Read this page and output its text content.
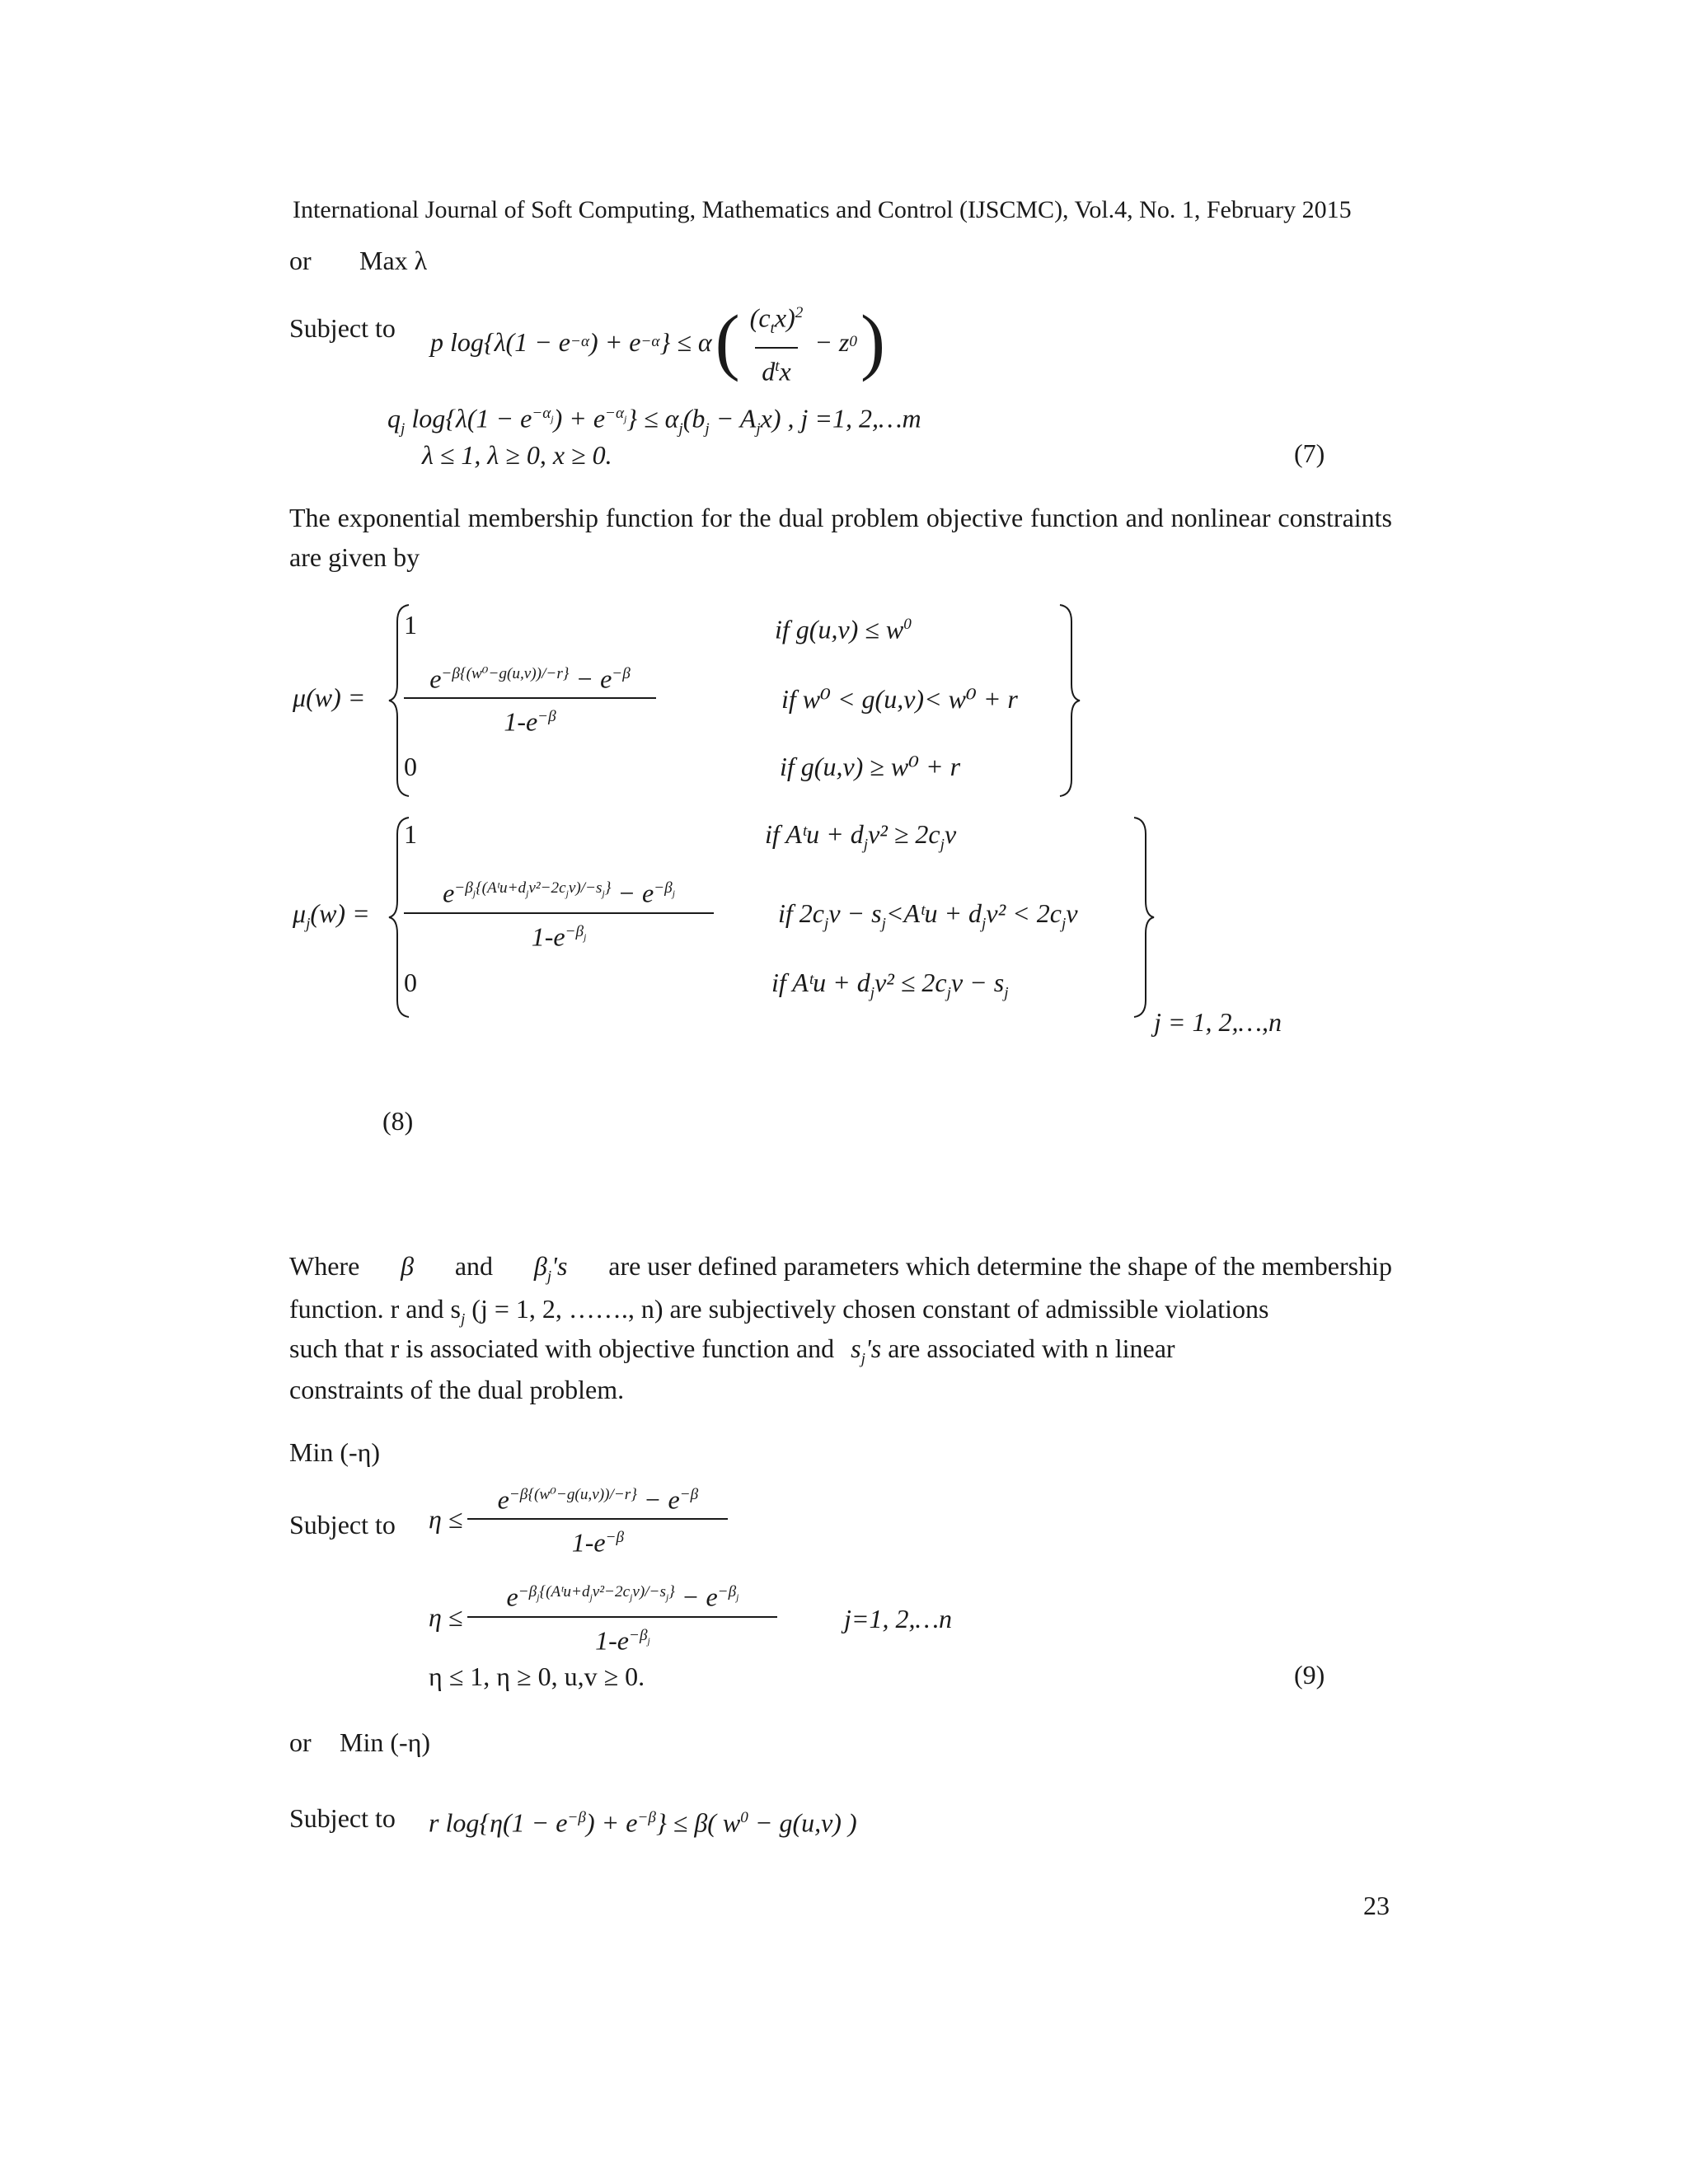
International Journal of Soft Computing, Mathematics and Control (IJSCMC), Vol.4, No. 1, February 2015
or Max λ
Subject to p log{λ(1 − e −α ) + e −α } ≤ α ( $\frac{(c_tx)^2}{d^tx} - z$ 0 )
$q_j$ $\log\{\lambda(1 - e^{-\alpha_j}) + e^{-\alpha_j}\} \le \alpha_j(b_j - A_jx)$ , j =1, 2,…m
λ ≤ 1, λ ≥ 0, x ≥ 0.	(7)
The exponential membership function for the dual problem objective function and nonlinear constraints are given by
μ(w) =
1	if $g(u,v) \le w^0$
$\frac{e^{-\beta\{(w^0-g(u,v))/-r\}} - e^{-\beta}}{1-e^{-\beta}}$	if w⁰ < g(u,v)< w⁰ + r
0	if g(u,v) ≥ w⁰ + r
$\mu_j(w)$ =
1	if Aᵗu + $d_jv^2 \ge 2c_jv$
$\frac{e^{-\beta_j\{(Aᵗu+d_jv^2-2c_jv)/-s_j\}} - e^{-\beta_j}}{1-e^{-\beta_j}}$ if $2c_jv$ − $s_j<Aᵗu + d_jv^2 < 2c_jv$
0	if Aᵗu + $d_jv^2 \le 2c_jv - s_j$
j = 1, 2,…,n
(8)
Where β and $\beta_j's$ are user defined parameters which determine the shape of the membership
function. r and $s_j$ (j = 1, 2, ……., n) are subjectively chosen constant of admissible violations
such that r is associated with objective function and $s_j's$ are associated with n linear
constraints of the dual problem.
Min (-η)
Subject to $\eta \le \frac{e^{-\beta\{(w^0-g(u,v))/-r\}} - e^{-\beta}}{1-e^{-\beta}}$
$\eta \le \frac{e^{-\beta_j\{(Aᵗu+d_jv^2-2c_jv)/-s_j\}} - e^{-\beta_j}}{1-e^{-\beta_j}}$	j=1, 2,…n
η ≤ 1, η ≥ 0, u,v ≥ 0.	(9)
or Min (-η)
Subject to r $\log\{\eta(1 - e^{-\beta}) + e^{-\beta}\} \le \beta$( $w^0 - g(u,v)$ )
23
